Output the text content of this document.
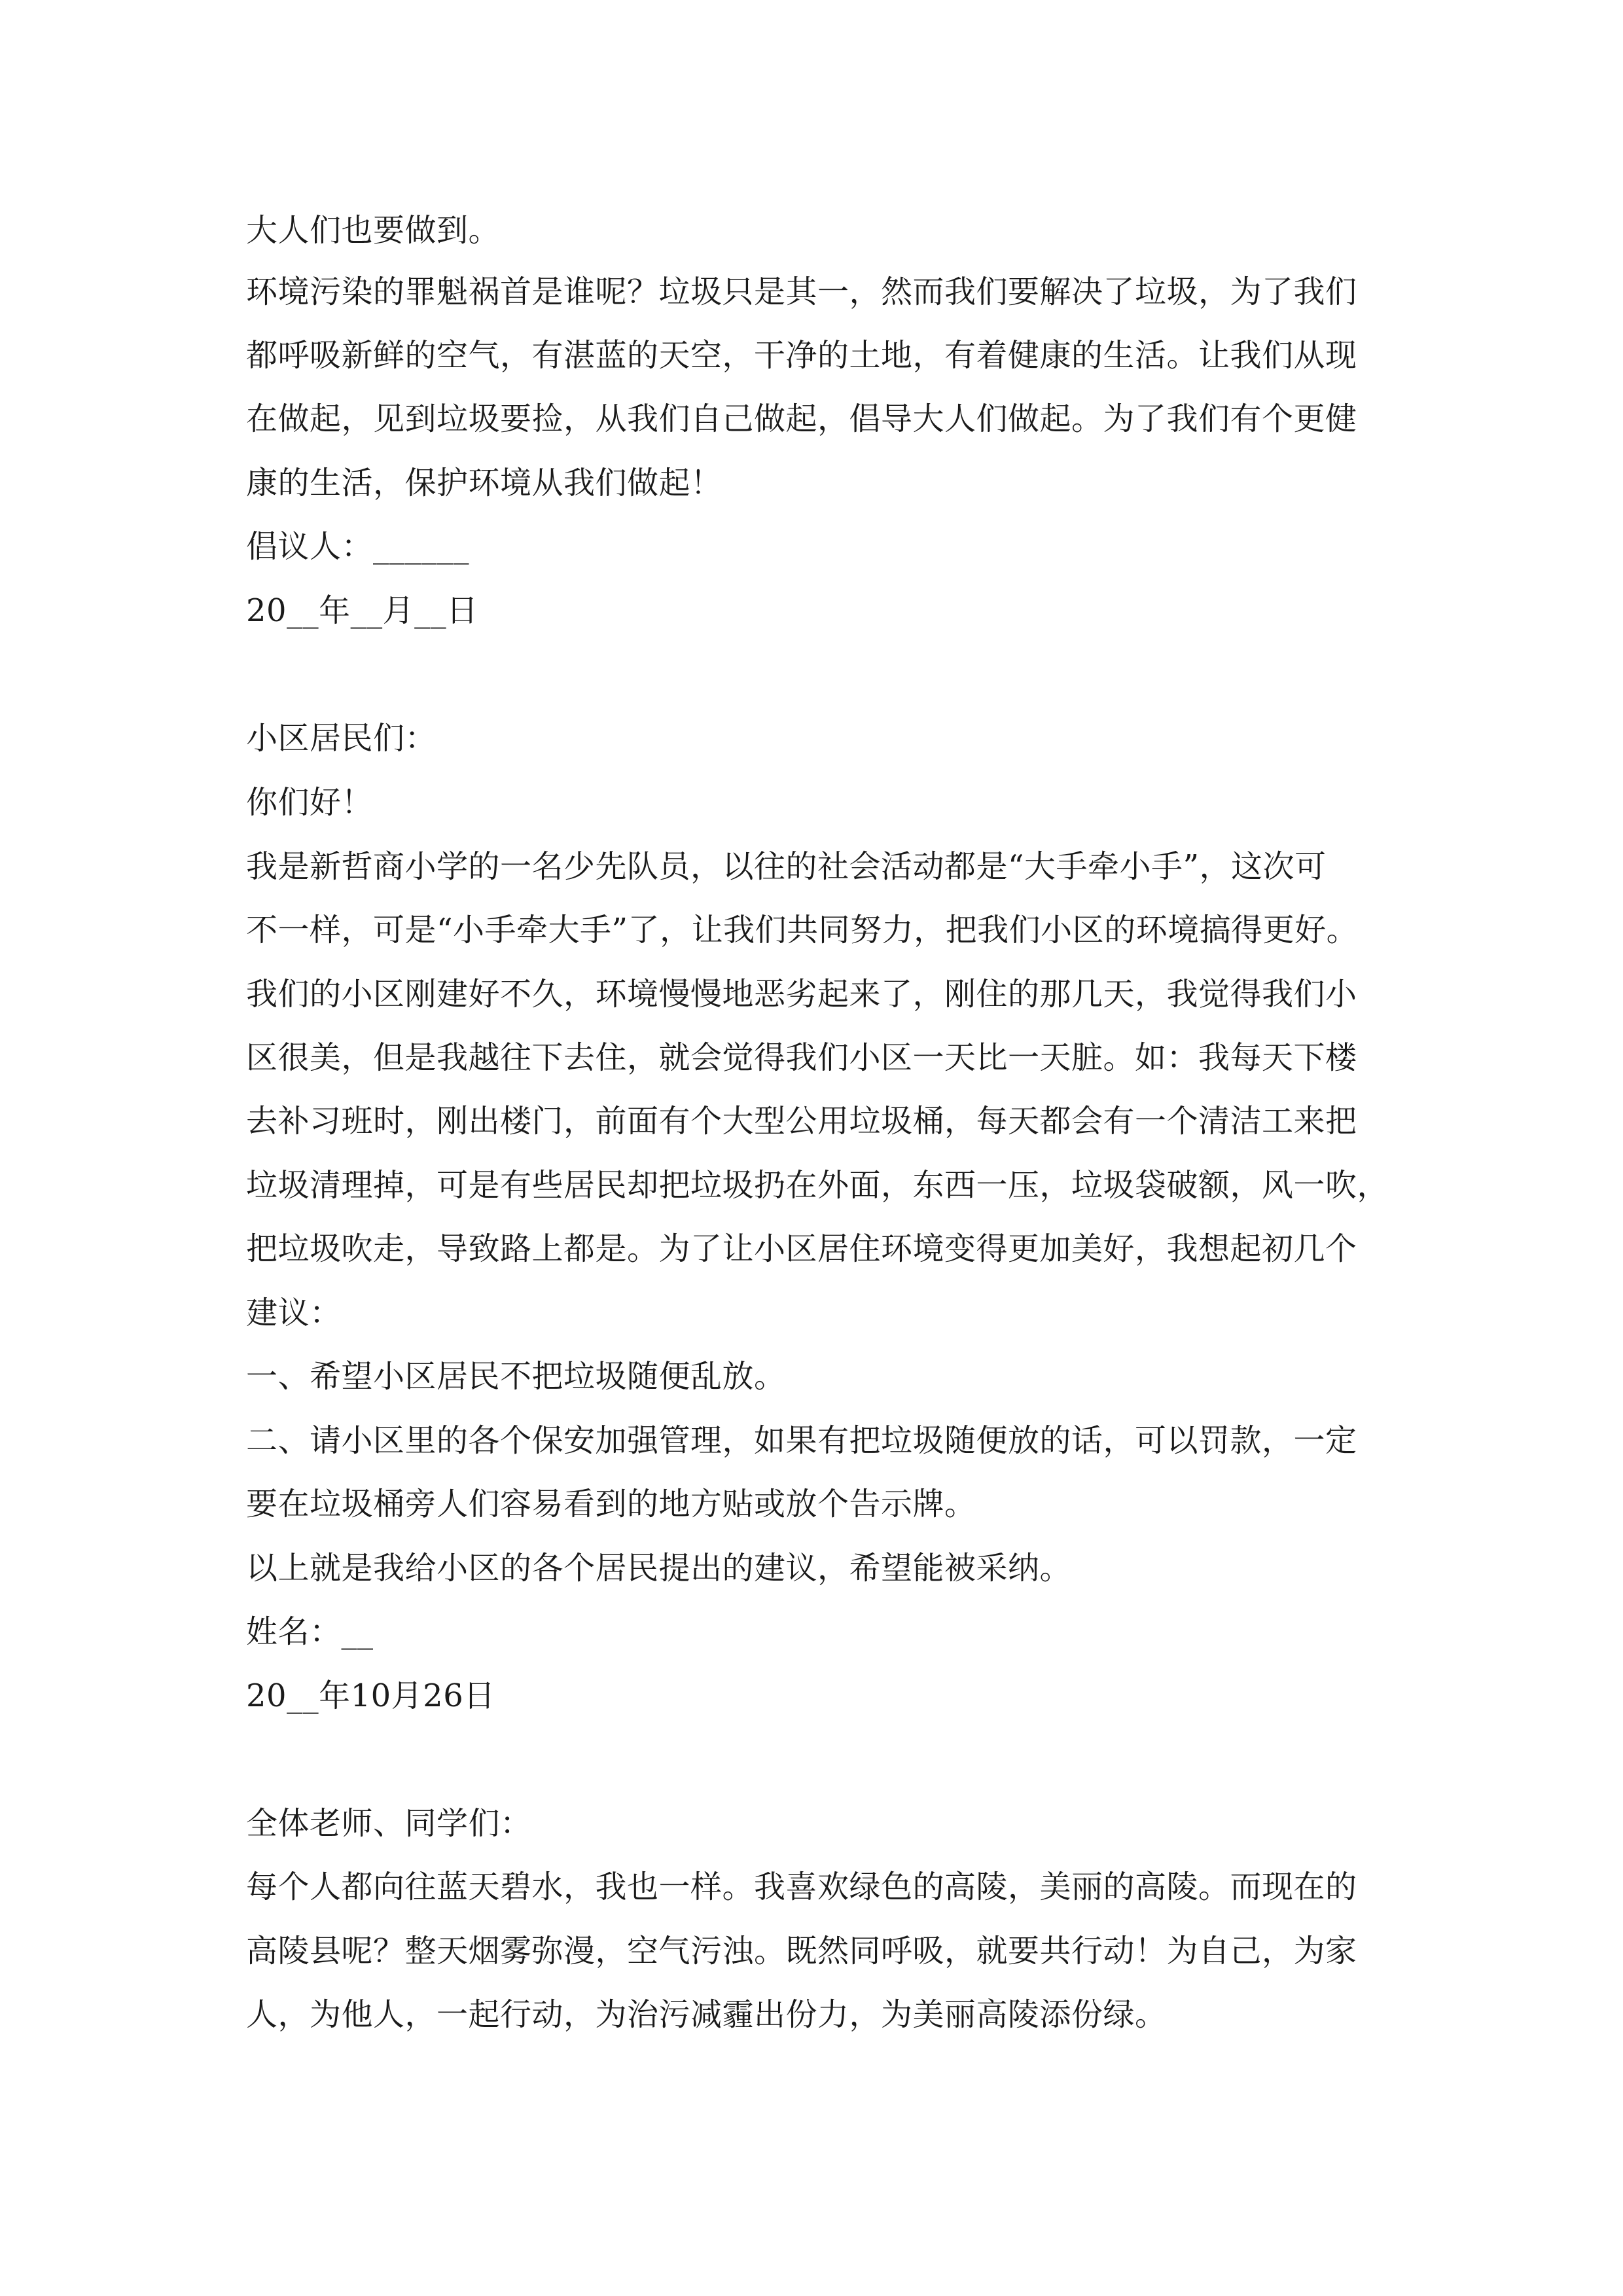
大人们也要做到。
环境污染的罪魁祸首是谁呢？垃圾只是其一，然而我们要解决了垃圾，为了我们
都呼吸新鲜的空气，有湛蓝的天空，干净的土地，有着健康的生活。让我们从现
在做起，见到垃圾要捡，从我们自己做起，倡导大人们做起。为了我们有个更健
康的生活，保护环境从我们做起！
倡议人：______
20__年__月__日
小区居民们：
你们好！
我是新哲商小学的一名少先队员，以往的社会活动都是“大手牵小手”，这次可
不一样，可是“小手牵大手”了，让我们共同努力，把我们小区的环境搞得更好。
我们的小区刚建好不久，环境慢慢地恶劣起来了，刚住的那几天，我觉得我们小
区很美，但是我越往下去住，就会觉得我们小区一天比一天脏。如：我每天下楼
去补习班时，刚出楼门，前面有个大型公用垃圾桶，每天都会有一个清洁工来把
垃圾清理掉，可是有些居民却把垃圾扔在外面，东西一压，垃圾袋破额，风一吹，
把垃圾吹走，导致路上都是。为了让小区居住环境变得更加美好，我想起初几个
建议：
一、希望小区居民不把垃圾随便乱放。
二、请小区里的各个保安加强管理，如果有把垃圾随便放的话，可以罚款，一定
要在垃圾桶旁人们容易看到的地方贴或放个告示牌。
以上就是我给小区的各个居民提出的建议，希望能被采纳。
姓名：__
20__年10月26日
全体老师、同学们：
每个人都向往蓝天碧水，我也一样。我喜欢绿色的高陵，美丽的高陵。而现在的
高陵县呢？整天烟雾弥漫，空气污浊。既然同呼吸，就要共行动！为自己，为家
人，为他人，一起行动，为治污减霾出份力，为美丽高陵添份绿。
